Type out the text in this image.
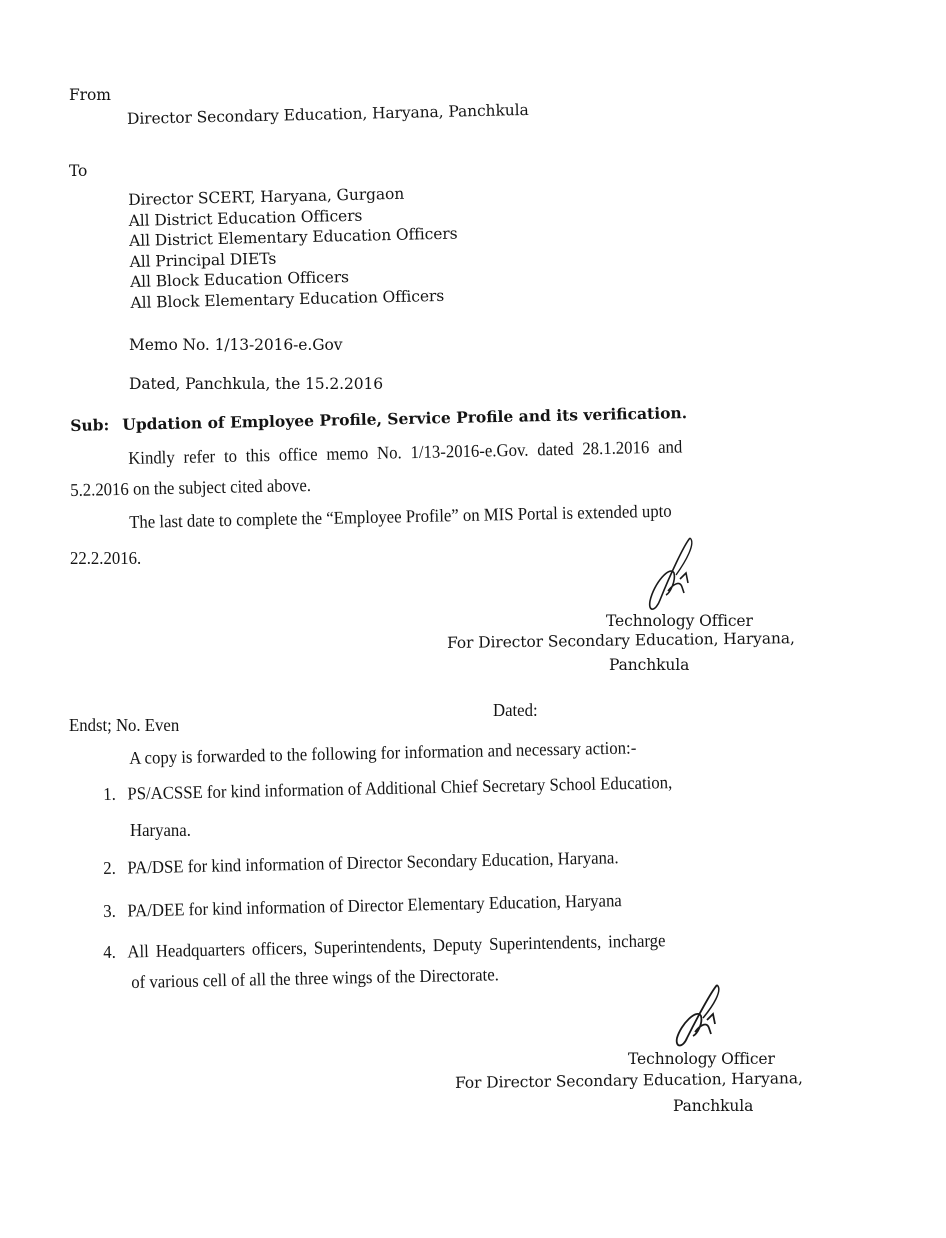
From
Director Secondary Education, Haryana, Panchkula
To
Director SCERT, Haryana, Gurgaon
All District Education Officers
All District Elementary Education Officers
All Principal DIETs
All Block Education Officers
All Block Elementary Education Officers
Memo No. 1/13-2016-e.Gov
Dated, Panchkula, the 15.2.2016
Sub: Updation of Employee Profile, Service Profile and its verification.
Kindly refer to this office memo No. 1/13-2016-e.Gov. dated 28.1.2016 and
5.2.2016 on the subject cited above.
The last date to complete the “Employee Profile” on MIS Portal is extended upto
22.2.2016.
Technology Officer
For Director Secondary Education, Haryana,
Panchkula
Dated:
Endst; No. Even
A copy is forwarded to the following for information and necessary action:-
1. PS/ACSSE for kind information of Additional Chief Secretary School Education,
Haryana.
2. PA/DSE for kind information of Director Secondary Education, Haryana.
3. PA/DEE for kind information of Director Elementary Education, Haryana
4. All Headquarters officers, Superintendents, Deputy Superintendents, incharge
of various cell of all the three wings of the Directorate.
Technology Officer
For Director Secondary Education, Haryana,
Panchkula
